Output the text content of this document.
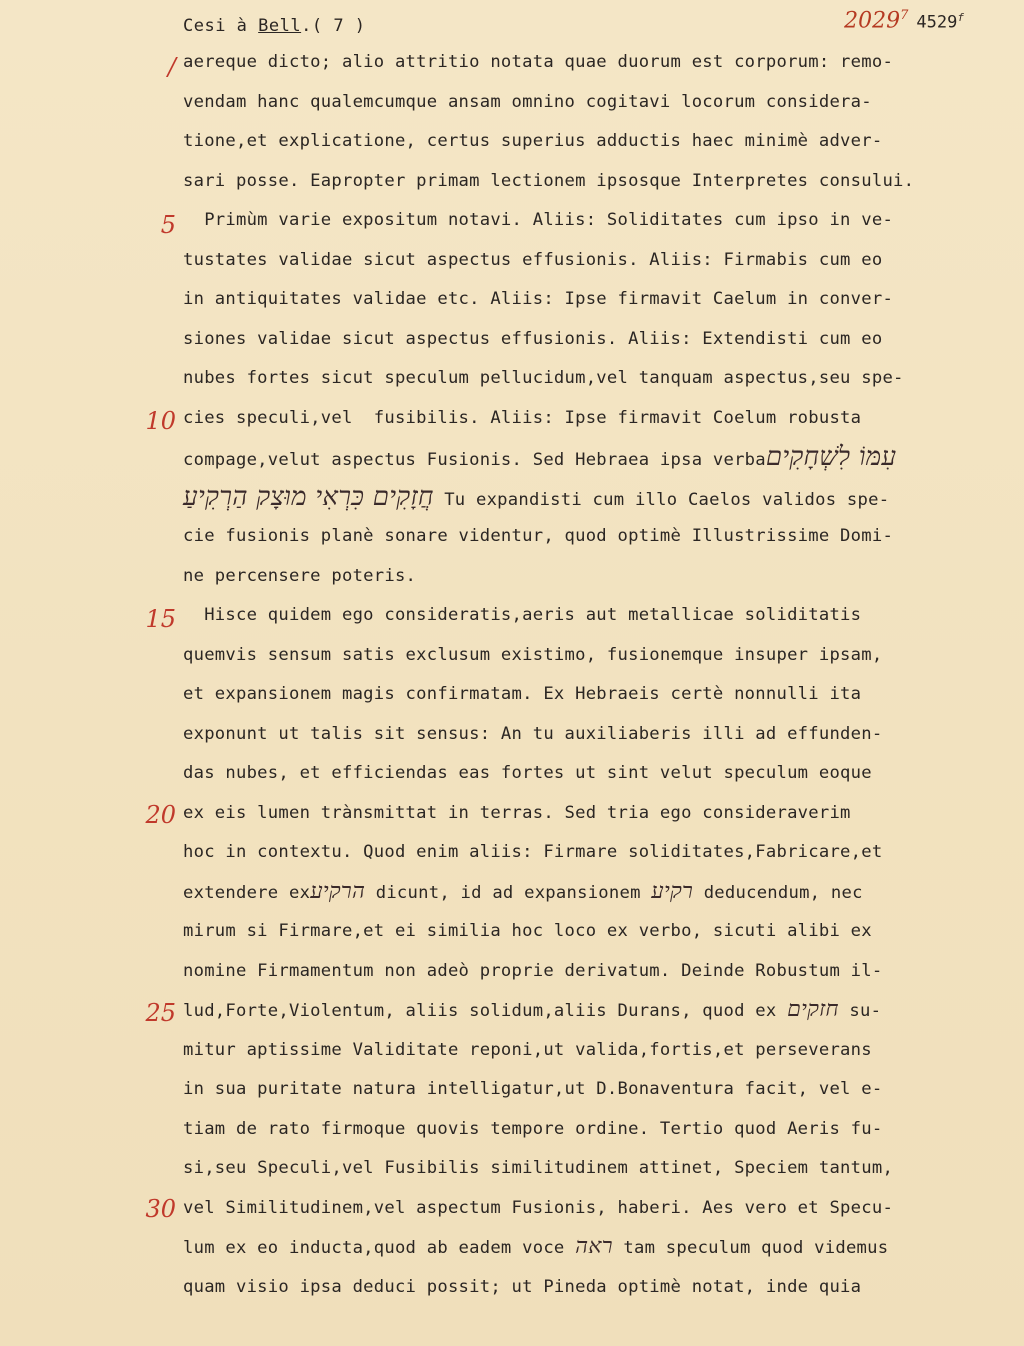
Cesi à Bell.( 7 )	2029$^7$ 4529$^f$
/
5
10
15
20
25
30
aereque dicto; alio attritio notata quae duorum est corporum: remo-
vendam hanc qualemcumque ansam omnino cogitavi locorum considera-
tione,et explicatione, certus superius adductis haec minimè adver-
sari posse. Eapropter primam lectionem ipsosque Interpretes consului.
Primùm varie expositum notavi. Aliis: Soliditates cum ipso in ve-
tustates validae sicut aspectus effusionis. Aliis: Firmabis cum eo
in antiquitates validae etc. Aliis: Ipse firmavit Caelum in conver-
siones validae sicut aspectus effusionis. Aliis: Extendisti cum eo
nubes fortes sicut speculum pellucidum,vel tanquam aspectus,seu spe-
cies speculi,vel  fusibilis. Aliis: Ipse firmavit Coelum robusta
compage,velut aspectus Fusionis. Sed Hebraea ipsa verbaעִמּוֹ לִשְׁחָקִים
חֲזָקִים כִּרְאִי מוּצָק הַרְקִיעַ Tu expandisti cum illo Caelos validos spe-
cie fusionis planè sonare videntur, quod optimè Illustrissime Domi-
ne percensere poteris.
Hisce quidem ego consideratis,aeris aut metallicae soliditatis
quemvis sensum satis exclusum existimo, fusionemque insuper ipsam,
et expansionem magis confirmatam. Ex Hebraeis certè nonnulli ita
exponunt ut talis sit sensus: An tu auxiliaberis illi ad effunden-
das nubes, et efficiendas eas fortes ut sint velut speculum eoque
ex eis lumen trànsmittat in terras. Sed tria ego consideraverim
hoc in contextu. Quod enim aliis: Firmare soliditates,Fabricare,et
extendere exהרקיע dicunt, id ad expansionem רקיע deducendum, nec
mirum si Firmare,et ei similia hoc loco ex verbo, sicuti alibi ex
nomine Firmamentum non adeò proprie derivatum. Deinde Robustum il-
lud,Forte,Violentum, aliis solidum,aliis Durans, quod ex חזקים su-
mitur aptissime Validitate reponi,ut valida,fortis,et perseverans
in sua puritate natura intelligatur,ut D.Bonaventura facit, vel e-
tiam de rato firmoque quovis tempore ordine. Tertio quod Aeris fu-
si,seu Speculi,vel Fusibilis similitudinem attinet, Speciem tantum,
vel Similitudinem,vel aspectum Fusionis, haberi. Aes vero et Specu-
lum ex eo inducta,quod ab eadem voce ראה tam speculum quod videmus
quam visio ipsa deduci possit; ut Pineda optimè notat, inde quia
